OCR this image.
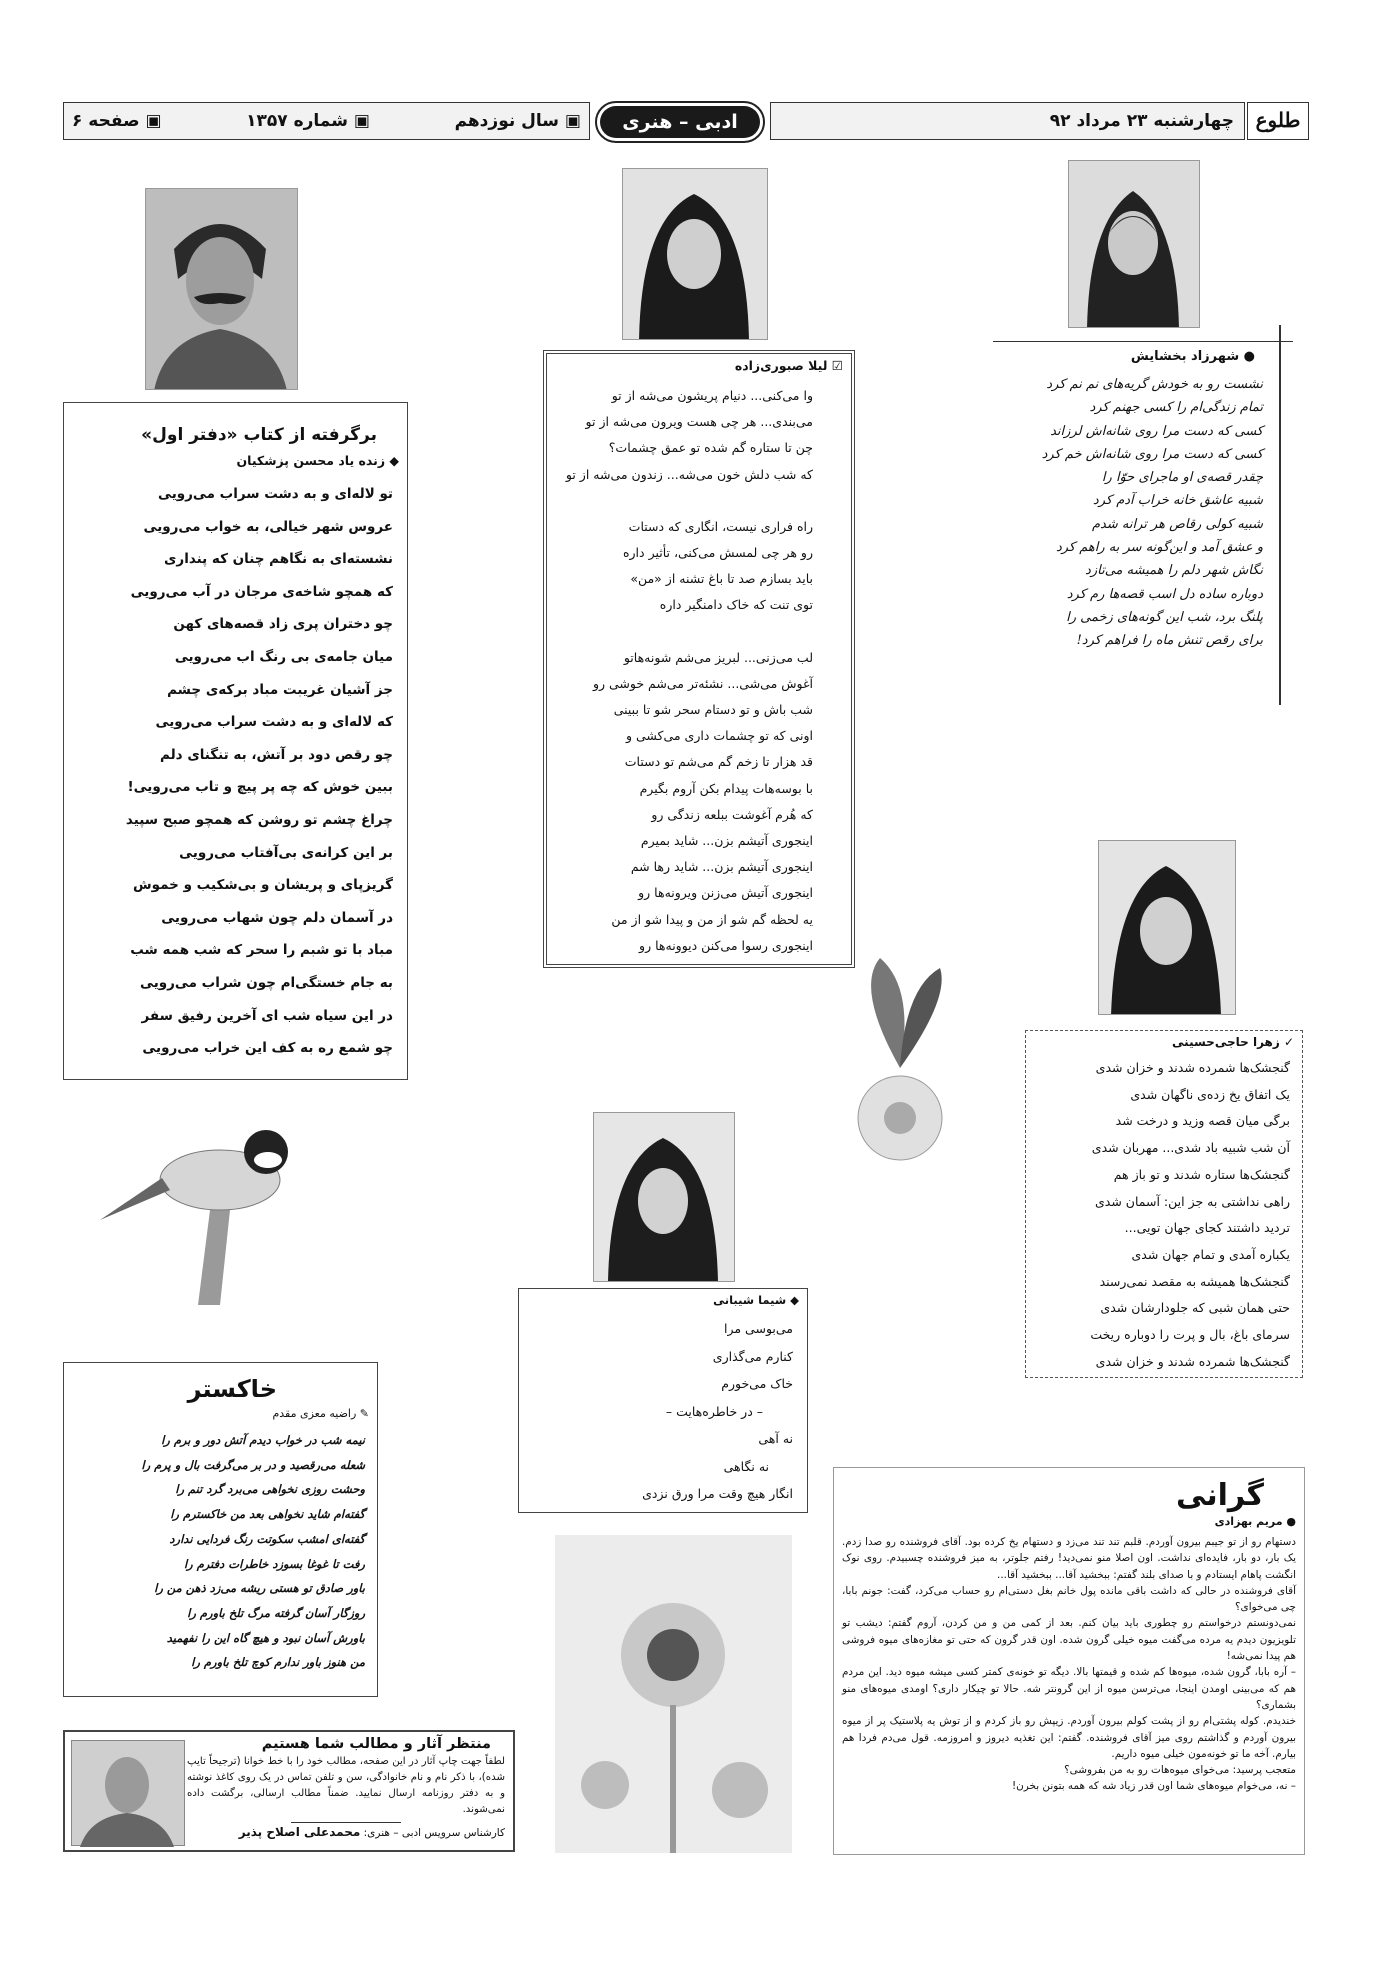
طلوع
چهارشنبه ۲۳ مرداد ۹۲
ادبی – هنری
▣ سال نوزدهم
▣ شماره ۱۳۵۷
▣ صفحه ۶
● شهرزاد بخشایش
نشست رو به خودش گریه‌های نم نم کرد
تمام زندگی‌ام را کسی جهنم کرد
کسی که دست مرا روی شانه‌اش لرزاند
کسی که دست مرا روی شانه‌اش خم کرد
چقدر قصه‌ی او ماجرای حوّا را
شبیه عاشق خانه خراب آدم کرد
شبیه کولی رقاص هر ترانه شدم
و عشق آمد و این‌گونه سر به راهم کرد
نگاش شهر دلم را همیشه می‌تازد
دوباره ساده دل اسب قصه‌ها رم کرد
پلنگ برد، شب این گونه‌های زخمی را
برای رقص تنش ماه را فراهم کرد!
☑ لیلا صبوری‌زاده
وا می‌کنی... دنیام پریشون می‌شه از تو
می‌بندی... هر چی هست ویرون می‌شه از تو
چن تا ستاره گم شده تو عمق چشمات؟
که شب دلش خون می‌شه... زندون می‌شه از تو
راه فراری نیست، انگاری که دستات
رو هر چی لمسش می‌کنی، تأثیر داره
باید بسازم صد تا باغ تشنه از «من»
توی تنت که خاک دامنگیر داره
لب می‌زنی... لبریز می‌شم شونه‌هاتو
آغوش می‌شی... نشئه‌تر می‌شم خوشی رو
شب باش و تو دستام سحر شو تا ببینی
اونی که تو چشمات داری می‌کشی و
قد هزار تا زخم گم می‌شم تو دستات
با بوسه‌هات پیدام بکن آروم بگیرم
که هُرم آغوشت ببلعه زندگی رو
اینجوری آتیشم بزن... شاید بمیرم
اینجوری آتیشم بزن... شاید رها شم
اینجوری آتیش می‌زنن ویرونه‌ها رو
یه لحظه گم شو از من و پیدا شو از من
اینجوری رسوا می‌کنن دیوونه‌ها رو
برگرفته از کتاب «دفتر اول»
◆ زنده یاد محسن پزشکیان
تو لاله‌ای و به دشت سراب می‌رویی
عروس شهر خیالی، به خواب می‌رویی
نشسته‌ای به نگاهم چنان که پنداری
که همچو شاخه‌ی مرجان در آب می‌رویی
چو دختران پری زاد قصه‌های کهن
میان جامه‌ی بی رنگ اب می‌رویی
جز آشیان غریبت مباد برکه‌ی چشم
که لاله‌ای و به دشت سراب می‌رویی
چو رقص دود بر آتش، به تنگنای دلم
ببین خوش که چه پر پیچ و تاب می‌رویی!
چراغ چشم تو روشن که همچو صبح سپید
بر این کرانه‌ی بی‌آفتاب می‌رویی
گریزپای و پریشان و بی‌شکیب و خموش
در آسمان دلم چون شهاب می‌رویی
مباد با تو شبم را سحر که شب همه شب
به جام خستگی‌ام چون شراب می‌رویی
در این سیاه شب ای آخرین رفیق سفر
چو شمع ره به کف این خراب می‌رویی	✓ زهرا حاجی‌حسینی
گنجشک‌ها شمرده شدند و خزان شدی
یک اتفاق یخ زده‌ی ناگهان شدی
برگی میان قصه وزید و درخت شد
آن شب شبیه باد شدی... مهربان شدی
گنجشک‌ها ستاره شدند و تو باز هم
راهی نداشتی به جز این: آسمان شدی
تردید داشتند کجای جهان تویی...
یکباره آمدی و تمام جهان شدی
گنجشک‌ها همیشه به مقصد نمی‌رسند
حتی همان شبی که جلودارشان شدی
سرمای باغ، بال و پرت را دوباره ریخت
گنجشک‌ها شمرده شدند و خزان شدی
◆ شیما شیبانی
می‌بوسی مرا
کنارم می‌گذاری
خاک می‌خورم
– در خاطره‌هایت –
نه آهی
نه نگاهی
انگار هیچ وقت مرا ورق نزدی
خاکستر
✎ راضیه معزی مقدم
نیمه شب در خواب دیدم آتش دور و برم را
شعله می‌رقصید و در بر می‌گرفت بال و پرم را
وحشت روزی نخواهی می‌برد گرد تنم را
گفته‌ام شاید نخواهی بعد من خاکسترم را
گفته‌ای امشب سکوتت رنگ فردایی ندارد
رفت تا غوغا بسوزد خاطرات دفترم را
باور صادق تو هستی ریشه می‌زد ذهن من را
روزگار آسان گرفته مرگ تلخ باورم را
باورش آسان نبود و هیچ گاه این را نفهمید
من هنوز باور ندارم کوچ تلخ باورم را
گرانی
● مریم بهزادی

دستهام رو از تو جیبم بیرون آوردم. قلبم تند تند می‌زد و دستهام یخ کرده بود. آقای فروشنده رو صدا زدم. یک بار، دو بار، فایده‌ای نداشت. اون اصلا منو نمی‌دید! رفتم جلوتر، به میز فروشنده چسبیدم. روی نوک انگشت پاهام ایستادم و با صدای بلند گفتم: ببخشید آقا... ببخشید آقا...

آقای فروشنده در حالی که داشت باقی مانده پول خانم بغل دستی‌ام رو حساب می‌کرد، گفت: جونم بابا، چی می‌خوای؟

نمی‌دونستم درخواستم رو چطوری باید بیان کنم. بعد از کمی من و من کردن، آروم گفتم: دیشب تو تلویزیون دیدم یه مرده می‌گفت میوه خیلی گرون شده. اون قدر گرون که حتی تو مغازه‌های میوه فروشی هم پیدا نمی‌شه!

– آره بابا، گرون شده، میوه‌ها کم شده و قیمتها بالا. دیگه تو خونه‌ی کمتر کسی میشه میوه دید. این مردم هم که می‌بینی اومدن اینجا، می‌ترسن میوه از این گرونتر شه. حالا تو چیکار داری؟ اومدی میوه‌های منو بشماری؟

خندیدم. کوله پشتی‌ام رو از پشت کولم بیرون آوردم. زیپش رو باز کردم و از توش یه پلاستیک پر از میوه بیرون آوردم و گذاشتم روی میز آقای فروشنده. گفتم: این تغذیه دیروز و امروزمه. قول می‌دم فردا هم بیارم. آخه ما تو خونه‌مون خیلی میوه داریم.

متعجب پرسید: می‌خوای میوه‌هات رو به من بفروشی؟

– نه، می‌خوام میوه‌های شما اون قدر زیاد شه که همه بتونن بخرن!

منتظر آثار و مطالب شما هستیم

لطفاً جهت چاپ آثار در این صفحه، مطالب خود را با خط خوانا (ترجیحاً تایپ شده)، با ذکر نام و نام خانوادگی، سن و تلفن تماس در یک روی کاغذ نوشته و به دفتر روزنامه ارسال نمایید. ضمناً مطالب ارسالی، برگشت داده نمی‌شوند.

کارشناس سرویس ادبی – هنری: محمدعلی اصلاح پذیر
